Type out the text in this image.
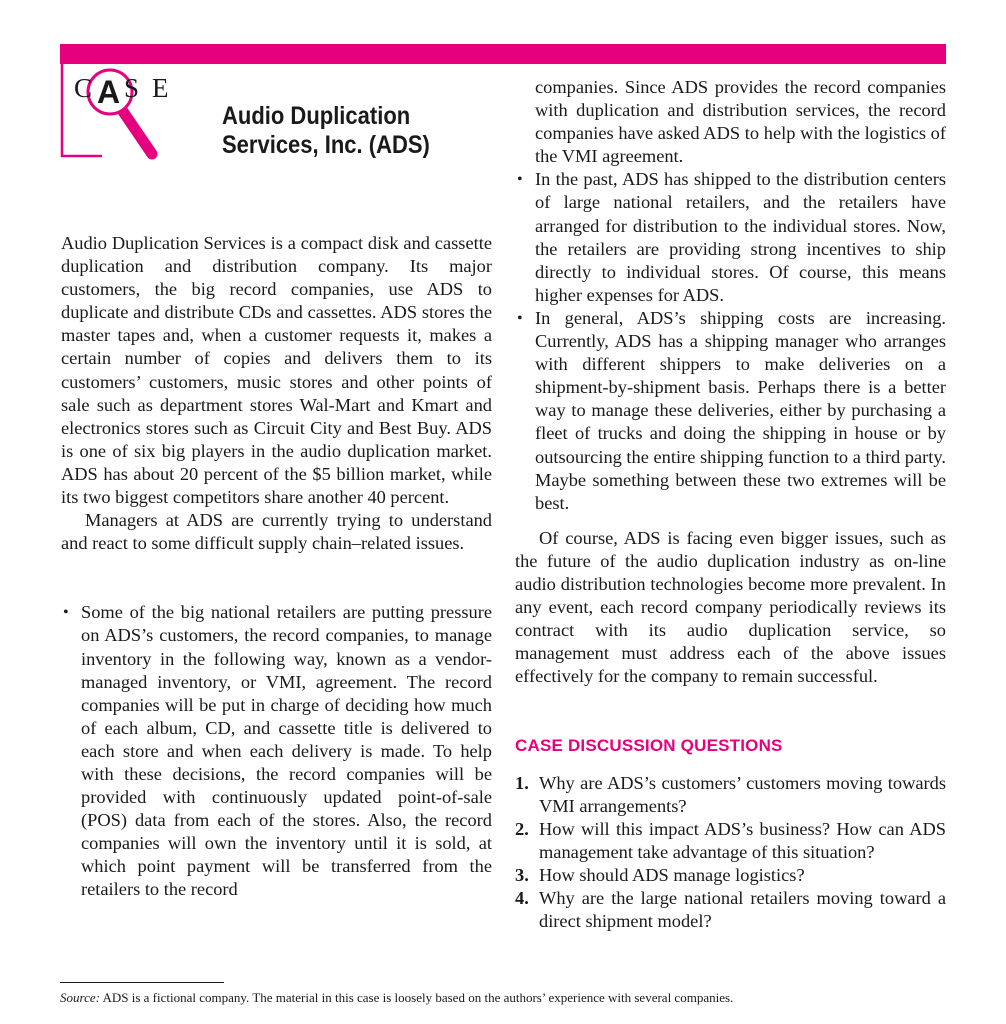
C A S E
Audio Duplication Services, Inc. (ADS)

Audio Duplication Services is a compact disk and cassette duplication and distribution company. Its major customers, the big record companies, use ADS to duplicate and distribute CDs and cassettes. ADS stores the master tapes and, when a customer requests it, makes a certain number of copies and delivers them to its customers’ customers, music stores and other points of sale such as department stores Wal-Mart and Kmart and electronics stores such as Circuit City and Best Buy. ADS is one of six big players in the audio duplication market. ADS has about 20 percent of the $5 billion market, while its two biggest competitors share another 40 percent.

Managers at ADS are currently trying to understand and react to some difficult supply chain–related issues.

• Some of the big national retailers are putting pressure on ADS’s customers, the record companies, to manage inventory in the following way, known as a vendor-managed inventory, or VMI, agreement. The record companies will be put in charge of deciding how much of each album, CD, and cassette title is delivered to each store and when each delivery is made. To help with these decisions, the record companies will be provided with continuously updated point-of-sale (POS) data from each of the stores. Also, the record companies will own the inventory until it is sold, at which point payment will be transferred from the retailers to the record

companies. Since ADS provides the record companies with duplication and distribution services, the record companies have asked ADS to help with the logistics of the VMI agreement.

• In the past, ADS has shipped to the distribution centers of large national retailers, and the retailers have arranged for distribution to the individual stores. Now, the retailers are providing strong incentives to ship directly to individual stores. Of course, this means higher expenses for ADS.
• In general, ADS’s shipping costs are increasing. Currently, ADS has a shipping manager who arranges with different shippers to make deliveries on a shipment-by-shipment basis. Perhaps there is a better way to manage these deliveries, either by purchasing a fleet of trucks and doing the shipping in house or by outsourcing the entire shipping function to a third party. Maybe something between these two extremes will be best.

Of course, ADS is facing even bigger issues, such as the future of the audio duplication industry as on-line audio distribution technologies become more prevalent. In any event, each record company periodically reviews its contract with its audio duplication service, so management must address each of the above issues effectively for the company to remain successful.

CASE DISCUSSION QUESTIONS
1. Why are ADS’s customers’ customers moving towards VMI arrangements?
2. How will this impact ADS’s business? How can ADS management take advantage of this situation?
3. How should ADS manage logistics?
4. Why are the large national retailers moving toward a direct shipment model?
Source: ADS is a fictional company. The material in this case is loosely based on the authors’ experience with several companies.
